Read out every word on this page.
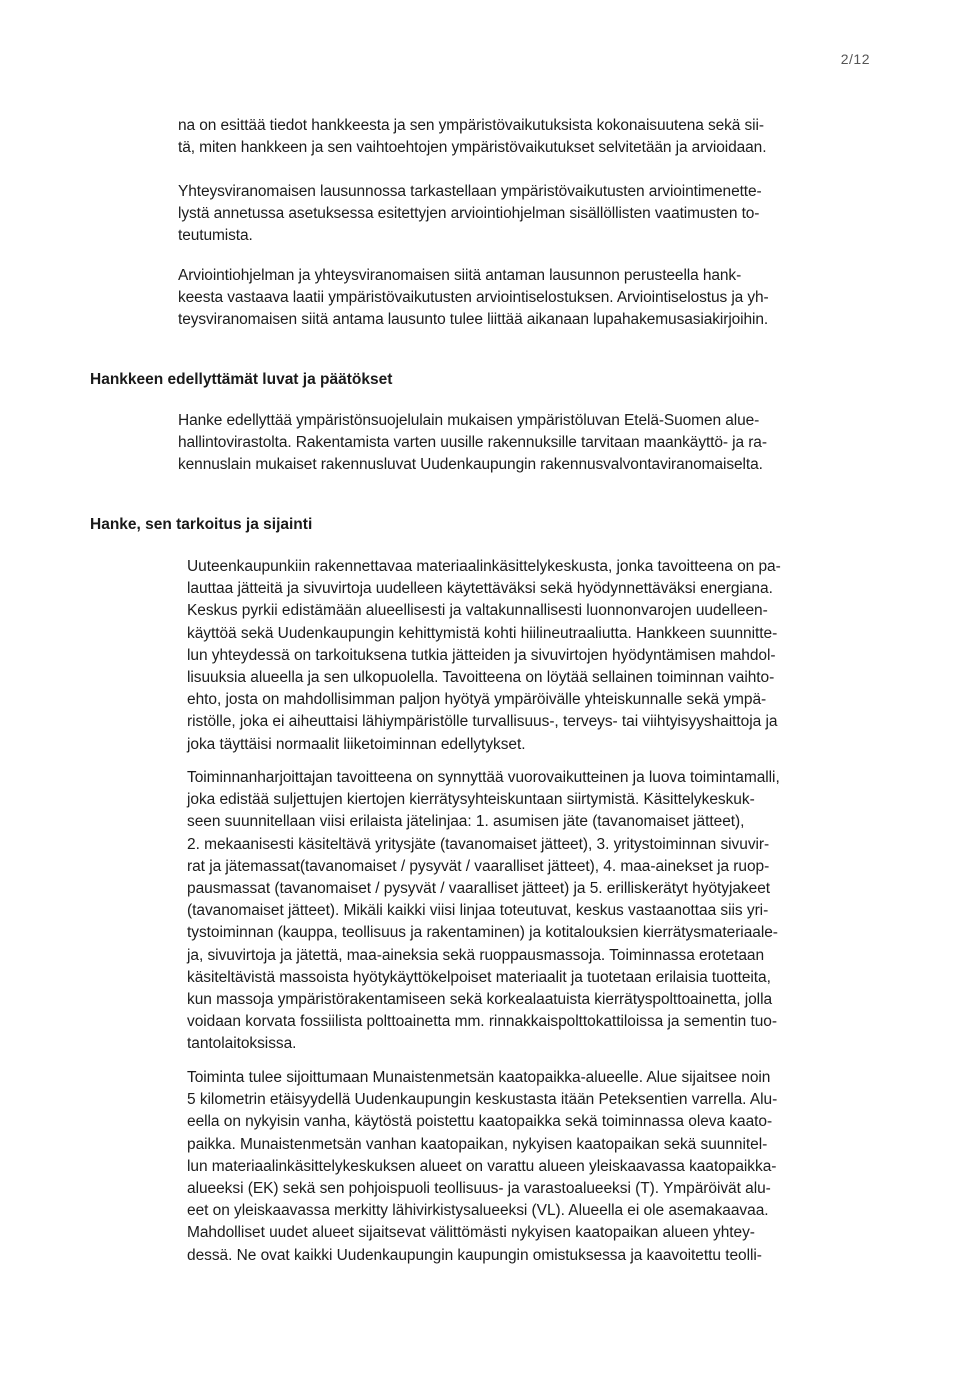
2/12
na on esittää tiedot hankkeesta ja sen ympäristövaikutuksista kokonaisuutena sekä sii-
tä, miten hankkeen ja sen vaihtoehtojen ympäristövaikutukset selvitetään ja arvioidaan.
Yhteysviranomaisen lausunnossa tarkastellaan ympäristövaikutusten arviointimenette-
lystä annetussa asetuksessa esitettyjen arviointiohjelman sisällöllisten vaatimusten to-
teutumista.
Arviointiohjelman ja yhteysviranomaisen siitä antaman lausunnon perusteella hank-
keesta vastaava laatii ympäristövaikutusten arviointiselostuksen. Arviointiselostus ja yh-
teysviranomaisen siitä antama lausunto tulee liittää aikanaan lupahakemusasiakirjoihin.
Hankkeen edellyttämät luvat ja päätökset
Hanke edellyttää ympäristönsuojelulain mukaisen ympäristöluvan Etelä-Suomen alue-
hallintovirastolta. Rakentamista varten uusille rakennuksille tarvitaan maankäyttö- ja ra-
kennuslain mukaiset rakennusluvat Uudenkaupungin rakennusvalvontaviranomaiselta.
Hanke, sen tarkoitus ja sijainti
Uuteenkaupunkiin rakennettavaa materiaalinkäsittelykeskusta, jonka tavoitteena on pa-
lauttaa jätteitä ja sivuvirtoja uudelleen käytettäväksi sekä hyödynnettäväksi energiana.
Keskus pyrkii edistämään alueellisesti ja valtakunnallisesti luonnonvarojen uudelleen-
käyttöä sekä Uudenkaupungin kehittymistä kohti hiilineutraaliutta. Hankkeen suunnitte-
lun yhteydessä on tarkoituksena tutkia jätteiden ja sivuvirtojen hyödyntämisen mahdol-
lisuuksia alueella ja sen ulkopuolella. Tavoitteena on löytää sellainen toiminnan vaihto-
ehto, josta on mahdollisimman paljon hyötyä ympäröivälle yhteiskunnalle sekä ympä-
ristölle, joka ei aiheuttaisi lähiympäristölle turvallisuus-, terveys- tai viihtyisyyshaittoja ja
joka täyttäisi normaalit liiketoiminnan edellytykset.
Toiminnanharjoittajan tavoitteena on synnyttää vuorovaikutteinen ja luova toimintamalli,
joka edistää suljettujen kiertojen kierrätysyhteiskuntaan siirtymistä. Käsittelykeskuk-
seen suunnitellaan viisi erilaista jätelinjaa: 1. asumisen jäte (tavanomaiset jätteet),
2. mekaanisesti käsiteltävä yritysjäte (tavanomaiset jätteet), 3. yritystoiminnan sivuvir-
rat ja jätemassat(tavanomaiset / pysyvät / vaaralliset jätteet), 4. maa-ainekset ja ruop-
pausmassat (tavanomaiset / pysyvät / vaaralliset jätteet) ja 5. erilliskerätyt hyötyjakeet
(tavanomaiset jätteet). Mikäli kaikki viisi linjaa toteutuvat, keskus vastaanottaa siis yri-
tystoiminnan (kauppa, teollisuus ja rakentaminen) ja kotitalouksien kierrätysmateriaale-
ja, sivuvirtoja ja jätettä, maa-aineksia sekä ruoppausmassoja. Toiminnassa erotetaan
käsiteltävistä massoista hyötykäyttökelpoiset materiaalit ja tuotetaan erilaisia tuotteita,
kun massoja ympäristörakentamiseen sekä korkealaatuista kierrätyspolttoainetta, jolla
voidaan korvata fossiilista polttoainetta mm. rinnakkaispolttokattiloissa ja sementin tuo-
tantolaitoksissa.
Toiminta tulee sijoittumaan Munaistenmetsän kaatopaikka-alueelle. Alue sijaitsee noin
5 kilometrin etäisyydellä Uudenkaupungin keskustasta itään Peteksentien varrella. Alu-
eella on nykyisin vanha, käytöstä poistettu kaatopaikka sekä toiminnassa oleva kaato-
paikka. Munaistenmetsän vanhan kaatopaikan, nykyisen kaatopaikan sekä suunnitel-
lun materiaalinkäsittelykeskuksen alueet on varattu alueen yleiskaavassa kaatopaikka-
alueeksi (EK) sekä sen pohjoispuoli teollisuus- ja varastoalueeksi (T). Ympäröivät alu-
eet on yleiskaavassa merkitty lähivirkistysalueeksi (VL). Alueella ei ole asemakaavaa.
Mahdolliset uudet alueet sijaitsevat välittömästi nykyisen kaatopaikan alueen yhtey-
dessä. Ne ovat kaikki Uudenkaupungin kaupungin omistuksessa ja kaavoitettu teolli-
